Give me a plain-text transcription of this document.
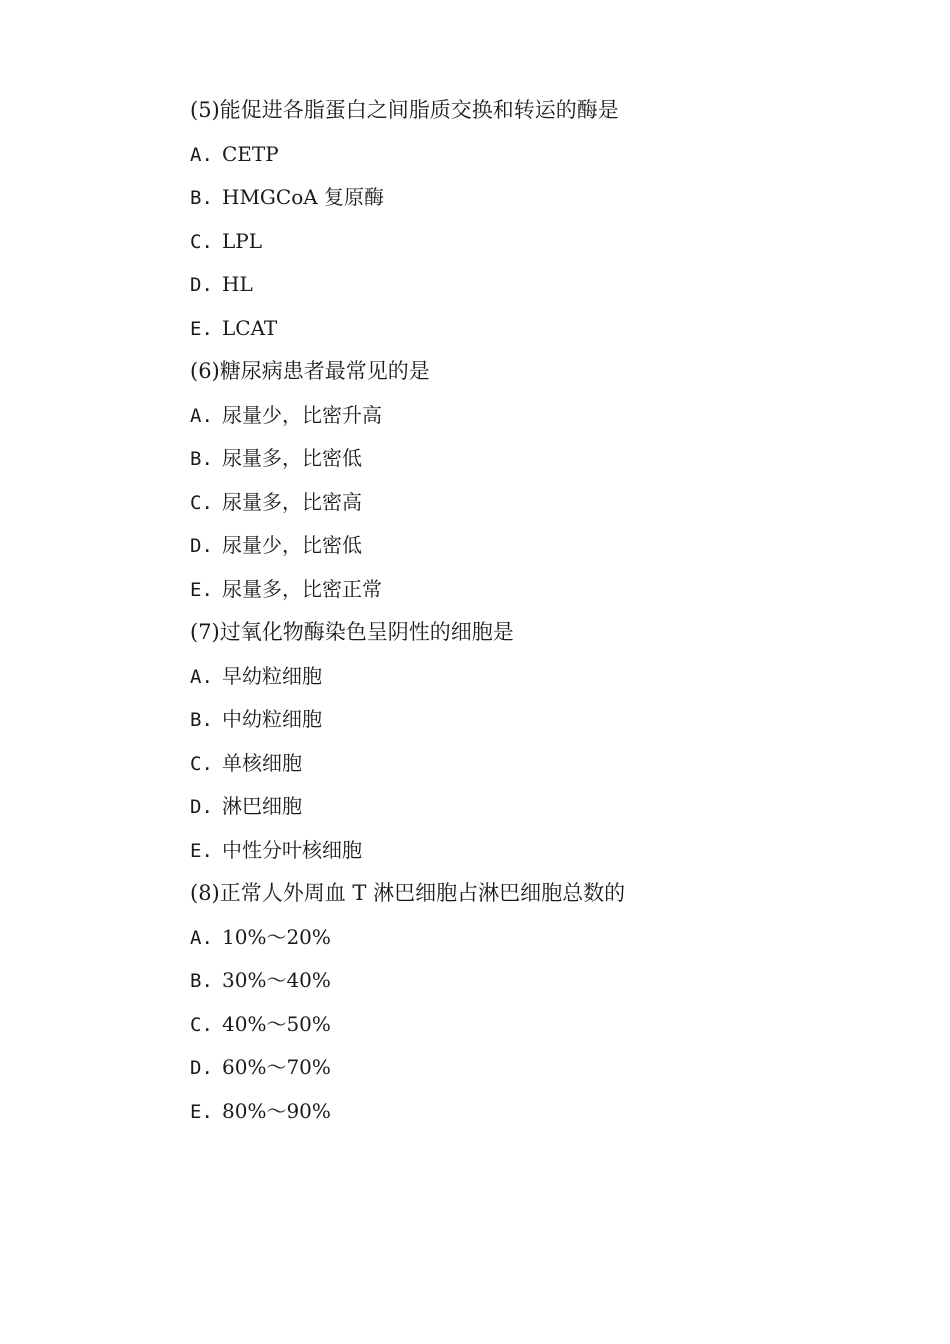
(5)能促进各脂蛋白之间脂质交换和转运的酶是
A. CETP
B. HMGCoA 复原酶
C. LPL
D. HL
E. LCAT
(6)糖尿病患者最常见的是
A. 尿量少，比密升高
B. 尿量多，比密低
C. 尿量多，比密高
D. 尿量少，比密低
E. 尿量多，比密正常
(7)过氧化物酶染色呈阴性的细胞是
A. 早幼粒细胞
B. 中幼粒细胞
C. 单核细胞
D. 淋巴细胞
E. 中性分叶核细胞
(8)正常人外周血 T 淋巴细胞占淋巴细胞总数的
A. 10%～20%
B. 30%～40%
C. 40%～50%
D. 60%～70%
E. 80%～90%
